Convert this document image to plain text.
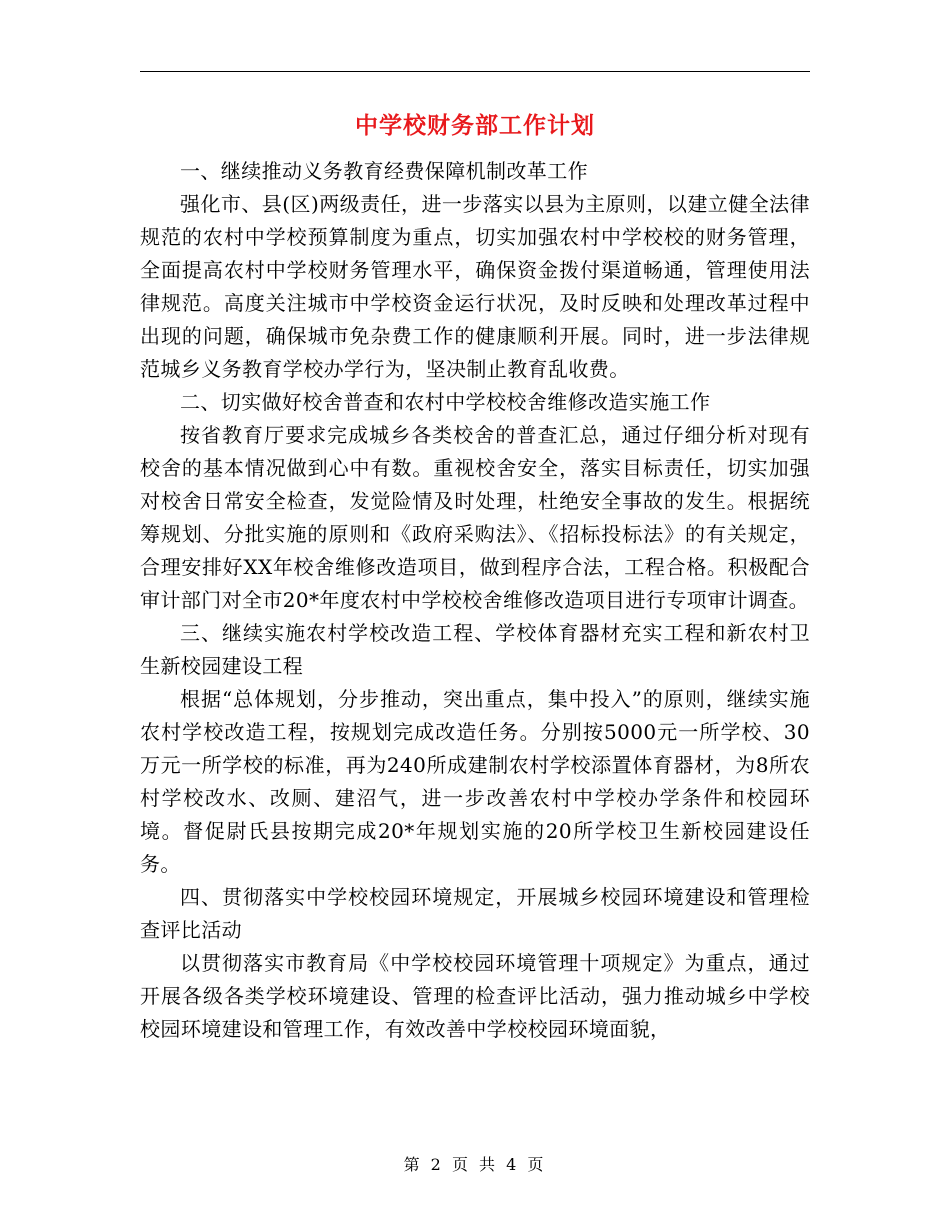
中学校财务部工作计划

一、继续推动义务教育经费保障机制改革工作

强化市、县(区)两级责任，进一步落实以县为主原则，以建立健全法律规范的农村中学校预算制度为重点，切实加强农村中学校校的财务管理，全面提高农村中学校财务管理水平，确保资金拨付渠道畅通，管理使用法律规范。高度关注城市中学校资金运行状况，及时反映和处理改革过程中出现的问题，确保城市免杂费工作的健康顺利开展。同时，进一步法律规范城乡义务教育学校办学行为，坚决制止教育乱收费。

二、切实做好校舍普查和农村中学校校舍维修改造实施工作

按省教育厅要求完成城乡各类校舍的普查汇总，通过仔细分析对现有校舍的基本情况做到心中有数。重视校舍安全，落实目标责任，切实加强对校舍日常安全检查，发觉险情及时处理，杜绝安全事故的发生。根据统筹规划、分批实施的原则和《政府采购法》、《招标投标法》的有关规定，合理安排好XX年校舍维修改造项目，做到程序合法，工程合格。积极配合审计部门对全市20*年度农村中学校校舍维修改造项目进行专项审计调查。

三、继续实施农村学校改造工程、学校体育器材充实工程和新农村卫生新校园建设工程

根据“总体规划，分步推动，突出重点，集中投入”的原则，继续实施农村学校改造工程，按规划完成改造任务。分别按5000元一所学校、30万元一所学校的标准，再为240所成建制农村学校添置体育器材，为8所农村学校改水、改厕、建沼气，进一步改善农村中学校办学条件和校园环境。督促尉氏县按期完成20*年规划实施的20所学校卫生新校园建设任务。

四、贯彻落实中学校校园环境规定，开展城乡校园环境建设和管理检查评比活动

以贯彻落实市教育局《中学校校园环境管理十项规定》为重点，通过开展各级各类学校环境建设、管理的检查评比活动，强力推动城乡中学校校园环境建设和管理工作，有效改善中学校校园环境面貌，

第 2 页 共 4 页
